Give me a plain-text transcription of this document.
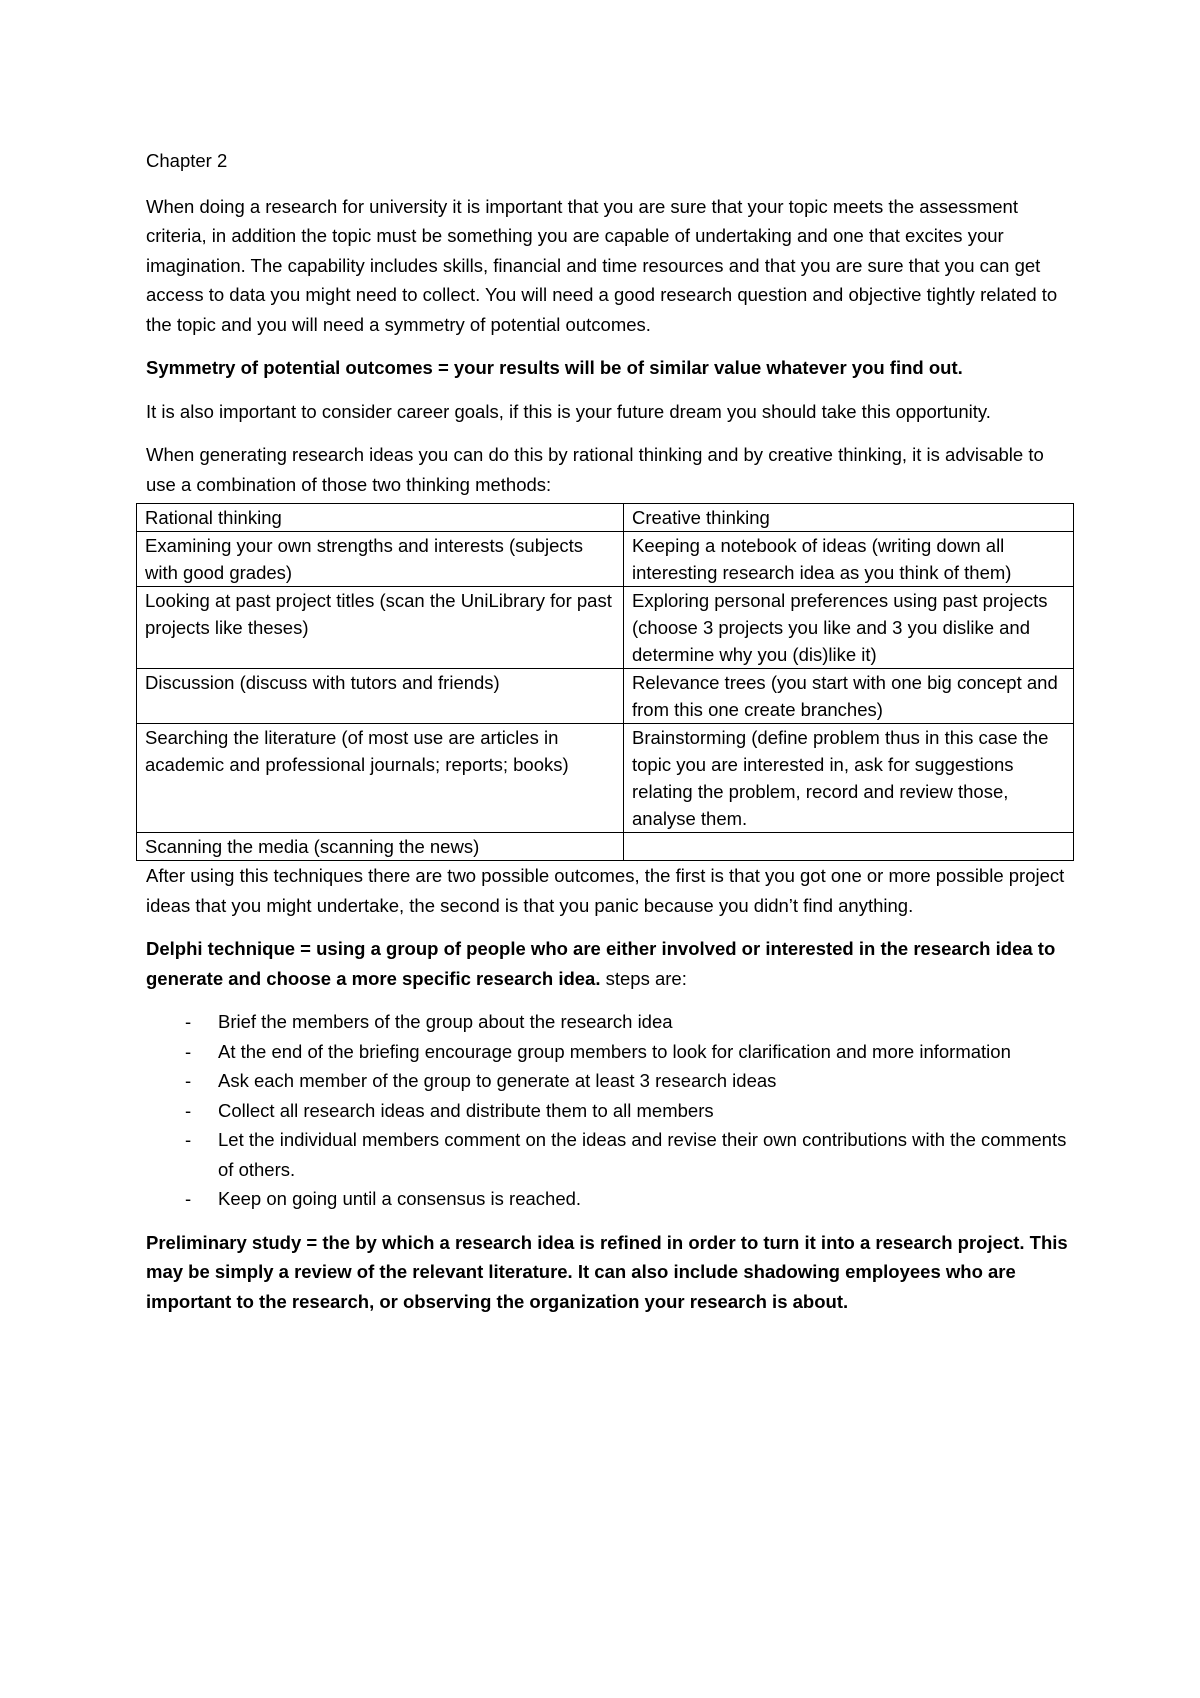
Chapter 2

When doing a research for university it is important that you are sure that your topic meets the assessment criteria, in addition the topic must be something you are capable of undertaking and one that excites your imagination. The capability includes skills, financial and time resources and that you are sure that you can get access to data you might need to collect. You will need a good research question and objective tightly related to the topic and you will need a symmetry of potential outcomes.

Symmetry of potential outcomes = your results will be of similar value whatever you find out.

It is also important to consider career goals, if this is your future dream you should take this opportunity.

When generating research ideas you can do this by rational thinking and by creative thinking, it is advisable to use a combination of those two thinking methods:

Rational thinking	Creative thinking
Examining your own strengths and interests (subjects with good grades)	Keeping a notebook of ideas (writing down all interesting research idea as you think of them)
Looking at past project titles (scan the UniLibrary for past projects like theses)	Exploring personal preferences using past projects (choose 3 projects you like and 3 you dislike and determine why you (dis)like it)
Discussion (discuss with tutors and friends)	Relevance trees (you start with one big concept and from this one create branches)
Searching the literature (of most use are articles in academic and professional journals; reports; books)	Brainstorming (define problem thus in this case the topic you are interested in, ask for suggestions relating the problem, record and review those, analyse them.
Scanning the media (scanning the news)	

After using this techniques there are two possible outcomes, the first is that you got one or more possible project ideas that you might undertake, the second is that you panic because you didn’t find anything.

Delphi technique = using a group of people who are either involved or interested in the research idea to generate and choose a more specific research idea. steps are:

- Brief the members of the group about the research idea
- At the end of the briefing encourage group members to look for clarification and more information
- Ask each member of the group to generate at least 3 research ideas
- Collect all research ideas and distribute them to all members
- Let the individual members comment on the ideas and revise their own contributions with the comments of others.
- Keep on going until a consensus is reached.

Preliminary study = the by which a research idea is refined in order to turn it into a research project. This may be simply a review of the relevant literature. It can also include shadowing employees who are important to the research, or observing the organization your research is about.
